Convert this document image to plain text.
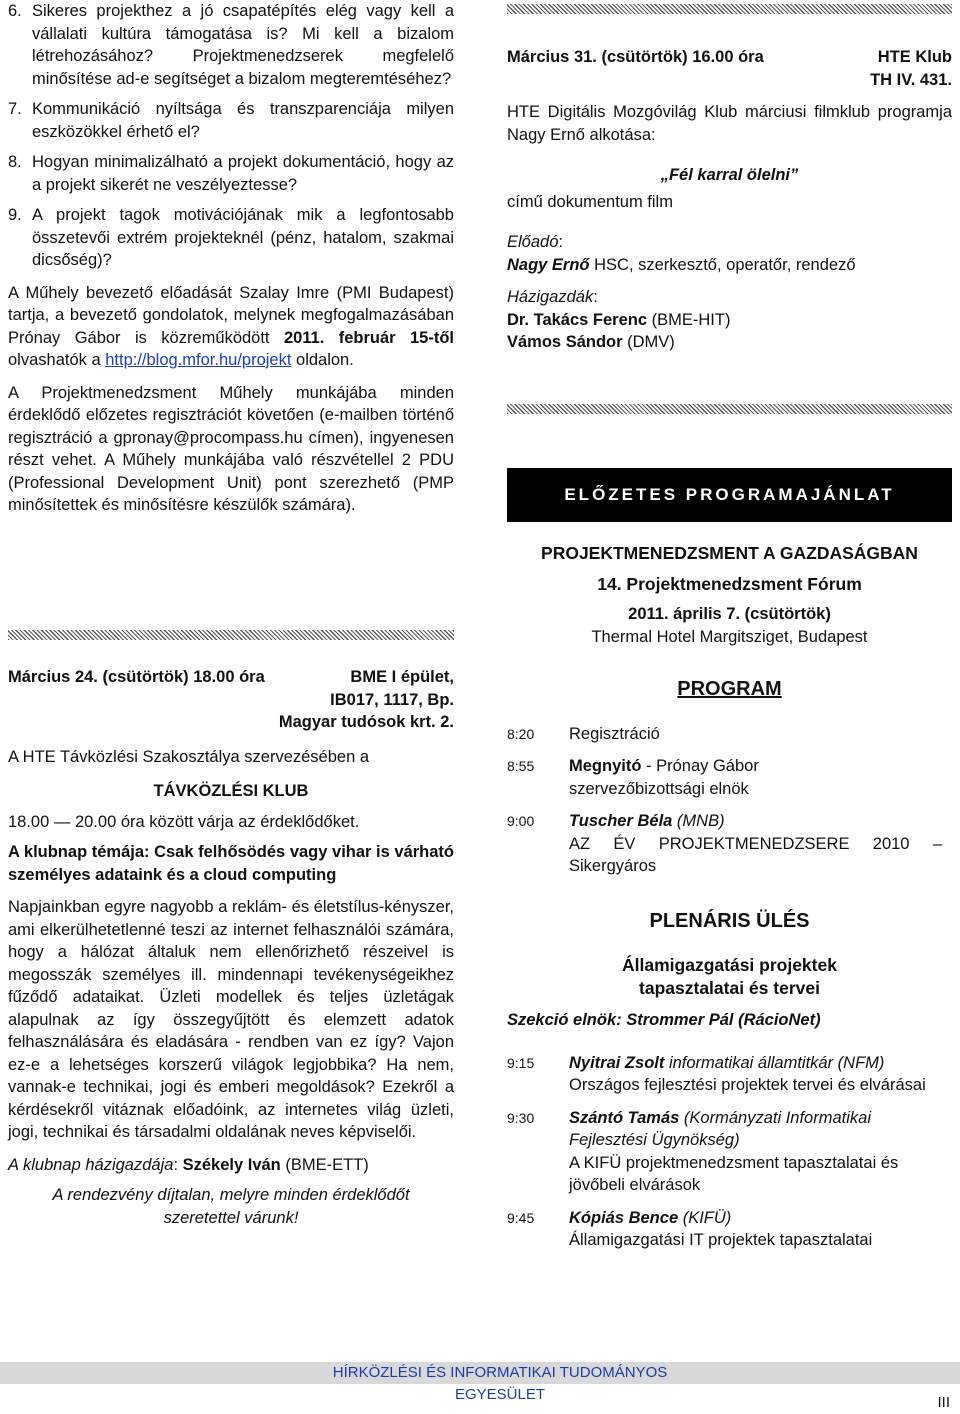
6. Sikeres projekthez a jó csapatépítés elég vagy kell a vállalati kultúra támogatása is? Mi kell a bizalom létrehozásához? Projektmenedzserek megfelelő minősítése ad-e segítséget a bizalom megteremtéséhez?
7. Kommunikáció nyíltsága és transzparenciája milyen eszközökkel érhető el?
8. Hogyan minimalizálható a projekt dokumentáció, hogy az a projekt sikerét ne veszélyeztesse?
9. A projekt tagok motivációjának mik a legfontosabb összetevői extrém projekteknél (pénz, hatalom, szakmai dicsőség)?

A Műhely bevezető előadását Szalay Imre (PMI Budapest) tartja, a bevezető gondolatok, melynek megfogalmazásában Prónay Gábor is közreműködött 2011. február 15-től olvashatók a http://blog.mfor.hu/projekt oldalon.

A Projektmenedzsment Műhely munkájába minden érdeklődő előzetes regisztrációt követően (e-mailben történő regisztráció a gpronay@procompass.hu címen), ingyenesen részt vehet. A Műhely munkájába való részvétellel 2 PDU (Professional Development Unit) pont szerezhető (PMP minősítettek és minősítésre készülők számára).

Március 24. (csütörtök) 18.00 óra	BME I épület,
IB017, 1117, Bp.
Magyar tudósok krt. 2.

A HTE Távközlési Szakosztálya szervezésében a

TÁVKÖZLÉSI KLUB

18.00 — 20.00 óra között várja az érdeklődőket.

A klubnap témája: Csak felhősödés vagy vihar is várható személyes adataink és a cloud computing

Napjainkban egyre nagyobb a reklám- és életstílus-kényszer, ami elkerülhetetlenné teszi az internet felhasználói számára, hogy a hálózat általuk nem ellenőrizhető részeivel is megosszák személyes ill. mindennapi tevékenységeikhez fűződő adataikat. Üzleti modellek és teljes üzletágak alapulnak az így összegyűjtött és elemzett adatok felhasználására és eladására - rendben van ez így? Vajon ez-e a lehetséges korszerű világok legjobbika? Ha nem, vannak-e technikai, jogi és emberi megoldások? Ezekről a kérdésekről vitáznak előadóink, az internetes világ üzleti, jogi, technikai és társadalmi oldalának neves képviselői.

A klubnap házigazdája: Székely Iván (BME-ETT)

A rendezvény díjtalan, melyre minden érdeklődőt szeretettel várunk!

Március 31. (csütörtök) 16.00 óra	HTE Klub
TH IV. 431.

HTE Digitális Mozgóvilág Klub márciusi filmklub programja Nagy Ernő alkotása:

„Fél karral ölelni”

című dokumentum film

Előadó:

Nagy Ernő HSC, szerkesztő, operatőr, rendező

Házigazdák:

Dr. Takács Ferenc (BME-HIT)

Vámos Sándor (DMV)

ELŐZETES PROGRAMAJÁNLAT

PROJEKTMENEDZSMENT A GAZDASÁGBAN

14. Projektmenedzsment Fórum

2011. április 7. (csütörtök)

Thermal Hotel Margitsziget, Budapest

PROGRAM

8:20	Regisztráció
8:55	Megnyitó - Prónay Gábor
szervezőbizottsági elnök
9:00	Tuscher Béla (MNB)
AZ ÉV PROJEKTMENEDZSERE 2010 – Sikergyáros

PLENÁRIS ÜLÉS

Államigazgatási projektek tapasztalatai és tervei

Szekció elnök: Strommer Pál (RácioNet)

9:15	Nyitrai Zsolt informatikai államtitkár (NFM)
Országos fejlesztési projektek tervei és elvárásai
9:30	Szántó Tamás (Kormányzati Informatikai Fejlesztési Ügynökség)
A KIFÜ projektmenedzsment tapasztalatai és jövőbeli elvárások
9:45	Kópiás Bence (KIFÜ)
Államigazgatási IT projektek tapasztalatai
HÍRKÖZLÉSI ÉS INFORMATIKAI TUDOMÁNYOS EGYESÜLET	III
